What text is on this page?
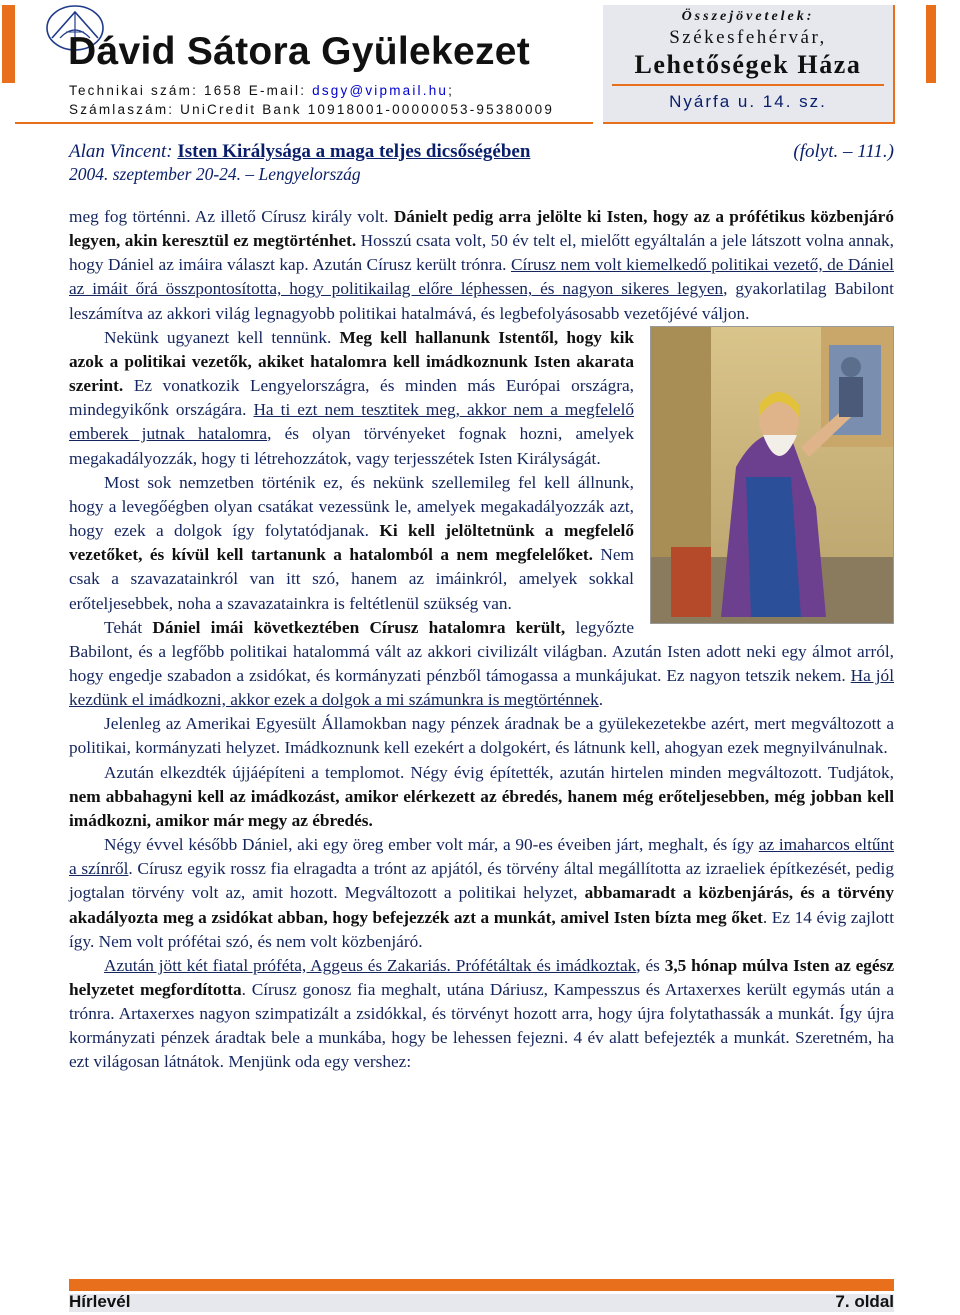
Dávid Sátora Gyülekezet
Technikai szám: 1658 E-mail: dsgy@vipmail.hu;
Számlaszám: UniCredit Bank 10918001-00000053-95380009
Összejövetelek:
Székesfehérvár,
Lehetőségek Háza
Nyárfa u. 14. sz.
Alan Vincent: Isten Királysága a maga teljes dicsőségében	(folyt. – 111.)
2004. szeptember 20-24. – Lengyelország

meg fog történni. Az illető Círusz király volt. Dánielt pedig arra jelölte ki Isten, hogy az a prófétikus közbenjáró legyen, akin keresztül ez megtörténhet. Hosszú csata volt, 50 év telt el, mielőtt egyáltalán a jele látszott volna annak, hogy Dániel az imáira választ kap. Azután Círusz került trónra. Círusz nem volt kiemelkedő politikai vezető, de Dániel az imáit őrá összpontosította, hogy politikailag előre léphessen, és nagyon sikeres legyen, gyakorlatilag Babilont leszámítva az akkori világ legnagyobb politikai hatalmává, és legbefolyásosabb vezetőjévé váljon.

Nekünk ugyanezt kell tennünk. Meg kell hallanunk Istentől, hogy kik azok a politikai vezetők, akiket hatalomra kell imádkoznunk Isten akarata szerint. Ez vonatkozik Lengyelországra, és minden más Európai országra, mindegyikőnk országára. Ha ti ezt nem tesztitek meg, akkor nem a megfelelő emberek jutnak hatalomra, és olyan törvényeket fognak hozni, amelyek megakadályozzák, hogy ti létrehozzátok, vagy terjesszétek Isten Királyságát.

Most sok nemzetben történik ez, és nekünk szellemileg fel kell állnunk, hogy a levegőégben olyan csatákat vezessünk le, amelyek megakadályozzák azt, hogy ezek a dolgok így folytatódjanak. Ki kell jelöltetnünk a megfelelő vezetőket, és kívül kell tartanunk a hatalomból a nem megfelelőket. Nem csak a szavazatainkról van itt szó, hanem az imáinkról, amelyek sokkal erőteljesebbek, noha a szavazatainkra is feltétlenül szükség van.

Tehát Dániel imái következtében Círusz hatalomra került, legyőzte Babilont, és a legfőbb politikai hatalommá vált az akkori civilizált világban. Azután Isten adott neki egy álmot arról, hogy engedje szabadon a zsidókat, és kormányzati pénzből támogassa a munkájukat. Ez nagyon tetszik nekem. Ha jól kezdünk el imádkozni, akkor ezek a dolgok a mi számunkra is megtörténnek.

Jelenleg az Amerikai Egyesült Államokban nagy pénzek áradnak be a gyülekezetekbe azért, mert megváltozott a politikai, kormányzati helyzet. Imádkoznunk kell ezekért a dolgokért, és látnunk kell, ahogyan ezek megnyilvánulnak.

Azután elkezdték újjáépíteni a templomot. Négy évig építették, azután hirtelen minden megváltozott. Tudjátok, nem abbahagyni kell az imádkozást, amikor elérkezett az ébredés, hanem még erőteljesebben, még jobban kell imádkozni, amikor már megy az ébredés.

Négy évvel később Dániel, aki egy öreg ember volt már, a 90-es éveiben járt, meghalt, és így az imaharcos eltűnt a színről. Círusz egyik rossz fia elragadta a trónt az apjától, és törvény által megállította az izraeliek építkezését, pedig jogtalan törvény volt az, amit hozott. Megváltozott a politikai helyzet, abbamaradt a közbenjárás, és a törvény akadályozta meg a zsidókat abban, hogy befejezzék azt a munkát, amivel Isten bízta meg őket. Ez 14 évig zajlott így. Nem volt prófétai szó, és nem volt közbenjáró.

Azután jött két fiatal próféta, Aggeus és Zakariás. Prófétáltak és imádkoztak, és 3,5 hónap múlva Isten az egész helyzetet megfordította. Círusz gonosz fia meghalt, utána Dáriusz, Kampesszus és Artaxerxes került egymás után a trónra. Artaxerxes nagyon szimpatizált a zsidókkal, és törvényt hozott arra, hogy újra folytathassák a munkát. Így újra kormányzati pénzek áradtak bele a munkába, hogy be lehessen fejezni. 4 év alatt befejezték a munkát. Szeretném, ha ezt világosan látnátok. Menjünk oda egy vershez:

Hírlevél	7. oldal
